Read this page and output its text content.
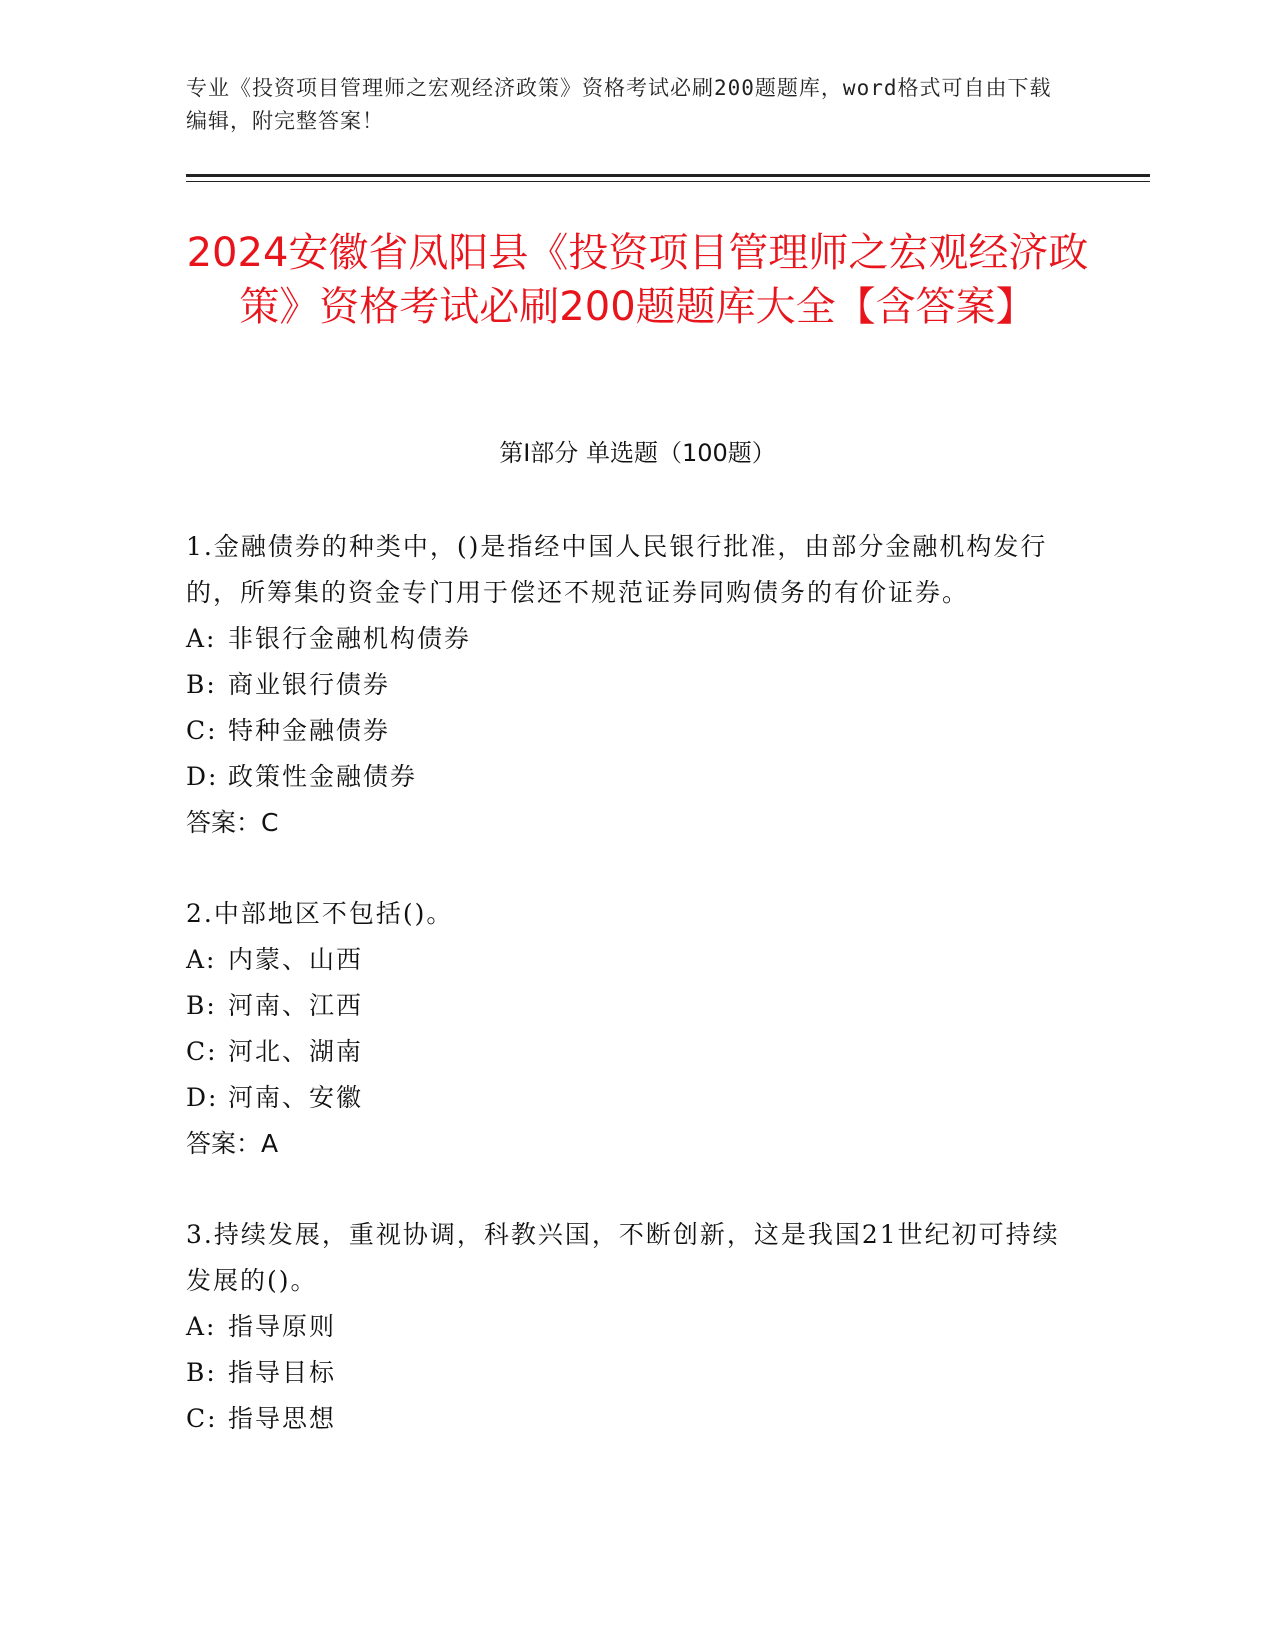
专业《投资项目管理师之宏观经济政策》资格考试必刷200题题库，word格式可自由下载编辑，附完整答案！
2024安徽省凤阳县《投资项目管理师之宏观经济政策》资格考试必刷200题题库大全【含答案】
第I部分 单选题（100题）

1.金融债券的种类中，()是指经中国人民银行批准，由部分金融机构发行的，所筹集的资金专门用于偿还不规范证券同购债务的有价证券。

A: 非银行金融机构债券

B: 商业银行债券

C: 特种金融债券

D: 政策性金融债券

答案：C

2.中部地区不包括()。

A: 内蒙、山西

B: 河南、江西

C: 河北、湖南

D: 河南、安徽

答案：A

3.持续发展，重视协调，科教兴国，不断创新，这是我国21世纪初可持续发展的()。

A: 指导原则

B: 指导目标

C: 指导思想
